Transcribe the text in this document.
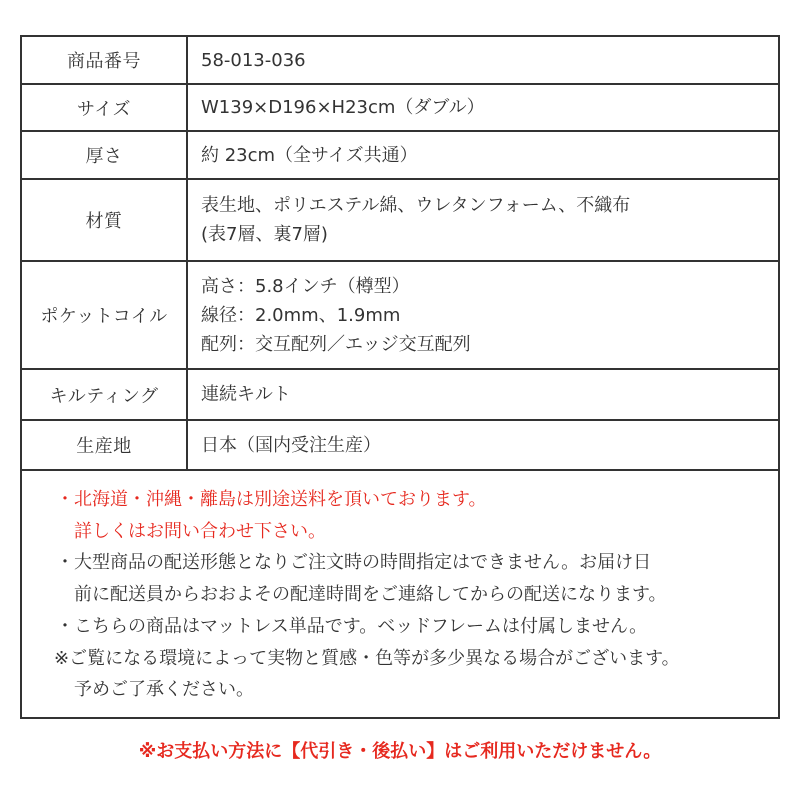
商品番号	58-013-036

サイズ	W139×D196×H23cm（ダブル）

厚さ	約 23cm（全サイズ共通）

材質	表生地、ポリエステル綿、ウレタンフォーム、不織布
(表7層、裏7層)

ポケットコイル	高さ：5.8インチ（樽型）
線径：2.0mm、1.9mm
配列：交互配列／エッジ交互配列

キルティング	連続キルト

生産地	日本（国内受注生産）
・北海道・沖縄・離島は別途送料を頂いております。
詳しくはお問い合わせ下さい。
・大型商品の配送形態となりご注文時の時間指定はできません。お届け日
前に配送員からおおよその配達時間をご連絡してからの配送になります。
・こちらの商品はマットレス単品です。ベッドフレームは付属しません。
※ご覧になる環境によって実物と質感・色等が多少異なる場合がございます。
予めご了承ください。
※お支払い方法に【代引き・後払い】はご利用いただけません。
